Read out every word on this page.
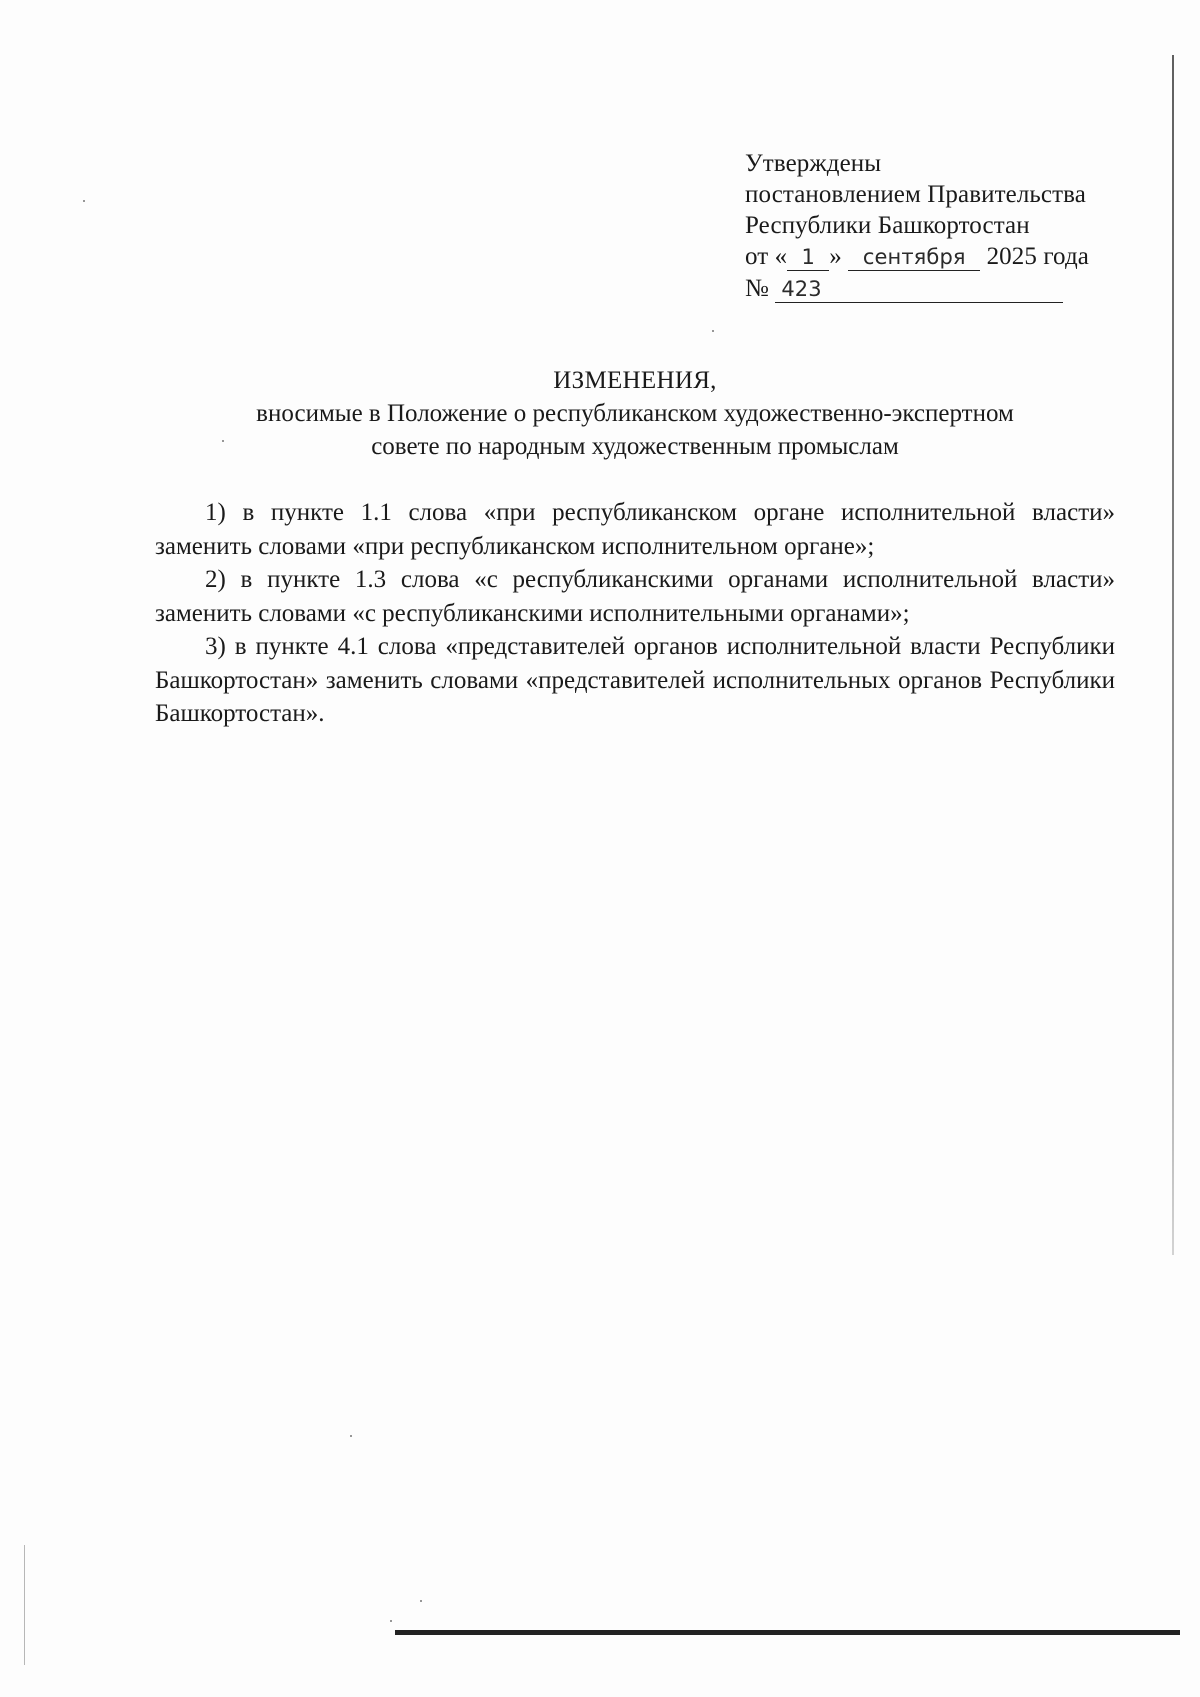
Утверждены
постановлением Правительства
Республики Башкортостан
от « 1 » сентября 2025 года
№ 423
ИЗМЕНЕНИЯ,
вносимые в Положение о республиканском художественно-экспертном
совете по народным художественным промыслам

1) в пункте 1.1 слова «при республиканском органе исполнительной власти» заменить словами «при республиканском исполнительном органе»;

2) в пункте 1.3 слова «с республиканскими органами исполнительной власти» заменить словами «с республиканскими исполнительными органами»;

3) в пункте 4.1 слова «представителей органов исполнительной власти Республики Башкортостан» заменить словами «представителей исполнительных органов Республики Башкортостан».
